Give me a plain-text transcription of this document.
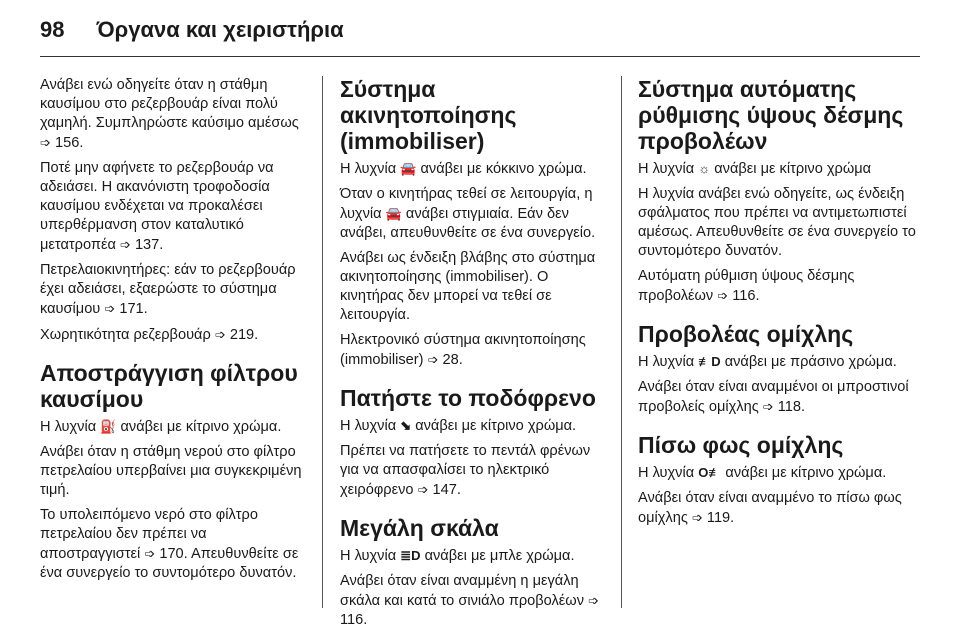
98 Όργανα και χειριστήρια

Ανάβει ενώ οδηγείτε όταν η στάθμη καυσίμου στο ρεζερβουάρ είναι πολύ χαμηλή. Συμπληρώστε καύσιμο αμέσως ➩ 156.

Ποτέ μην αφήνετε το ρεζερβουάρ να αδειάσει. Η ακανόνιστη τροφοδοσία καυσίμου ενδέχεται να προκαλέσει υπερθέρμανση στον καταλυτικό μετατροπέα ➩ 137.

Πετρελαιοκινητήρες: εάν το ρεζερβουάρ έχει αδειάσει, εξαερώστε το σύστημα καυσίμου ➩ 171.

Χωρητικότητα ρεζερβουάρ ➩ 219.

Αποστράγγιση φίλτρου καυσίμου

Η λυχνία ⛽ ανάβει με κίτρινο χρώμα.

Ανάβει όταν η στάθμη νερού στο φίλτρο πετρελαίου υπερβαίνει μια συγκεκριμένη τιμή.

Το υπολειπόμενο νερό στο φίλτρο πετρελαίου δεν πρέπει να αποστραγγιστεί ➩ 170. Απευθυνθείτε σε ένα συνεργείο το συντομότερο δυνατόν.

Σύστημα ακινητοποίησης (immobiliser)

Η λυχνία 🚘 ανάβει με κόκκινο χρώμα.

Όταν ο κινητήρας τεθεί σε λειτουργία, η λυχνία 🚘 ανάβει στιγμιαία. Εάν δεν ανάβει, απευθυνθείτε σε ένα συνεργείο.

Ανάβει ως ένδειξη βλάβης στο σύστημα ακινητοποίησης (immobiliser). Ο κινητήρας δεν μπορεί να τεθεί σε λειτουργία.

Ηλεκτρονικό σύστημα ακινητοποίησης (immobiliser) ➩ 28.

Πατήστε το ποδόφρενο

Η λυχνία ⬊ ανάβει με κίτρινο χρώμα.

Πρέπει να πατήσετε το πεντάλ φρένων για να απασφαλίσει το ηλεκτρικό χειρόφρενο ➩ 147.

Μεγάλη σκάλα

Η λυχνία ≣D ανάβει με μπλε χρώμα.

Ανάβει όταν είναι αναμμένη η μεγάλη σκάλα και κατά το σινιάλο προβολέων ➩ 116.

Σύστημα αυτόματης ρύθμισης ύψους δέσμης προβολέων

Η λυχνία ☼ ανάβει με κίτρινο χρώμα

Η λυχνία ανάβει ενώ οδηγείτε, ως ένδειξη σφάλματος που πρέπει να αντιμετωπιστεί αμέσως. Απευθυνθείτε σε ένα συνεργείο το συντομότερο δυνατόν.

Αυτόματη ρύθμιση ύψους δέσμης προβολέων ➩ 116.

Προβολέας ομίχλης

Η λυχνία ≢D ανάβει με πράσινο χρώμα.

Ανάβει όταν είναι αναμμένοι οι μπροστινοί προβολείς ομίχλης ➩ 118.

Πίσω φως ομίχλης

Η λυχνία O≢ ανάβει με κίτρινο χρώμα.

Ανάβει όταν είναι αναμμένο το πίσω φως ομίχλης ➩ 119.
